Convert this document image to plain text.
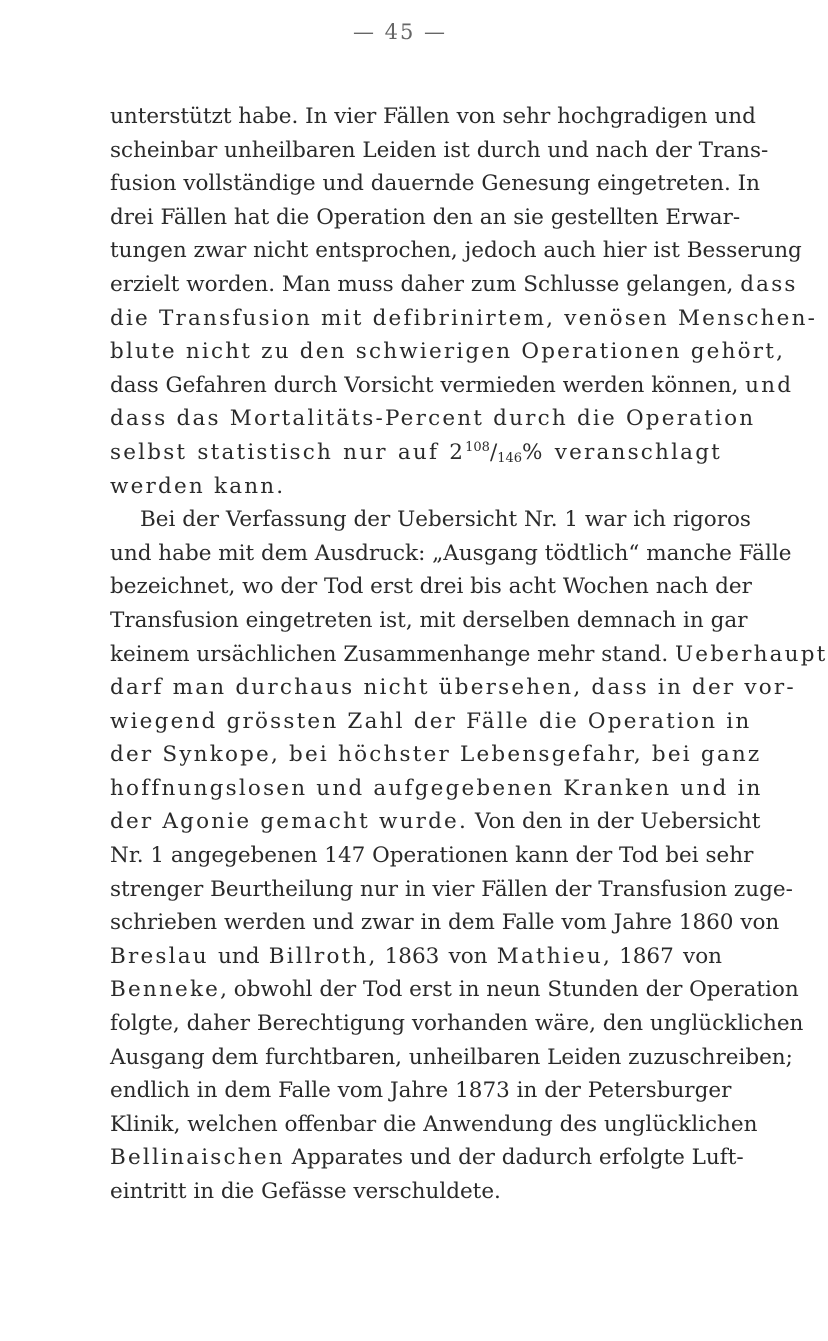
— 45 —
unterstützt habe. In vier Fällen von sehr hochgradigen und
scheinbar unheilbaren Leiden ist durch und nach der Trans-
fusion vollständige und dauernde Genesung eingetreten. In
drei Fällen hat die Operation den an sie gestellten Erwar-
tungen zwar nicht entsprochen, jedoch auch hier ist Besserung
erzielt worden. Man muss daher zum Schlusse gelangen, dass
die Transfusion mit defibrinirtem, venösen Menschen-
blute nicht zu den schwierigen Operationen gehört,
dass Gefahren durch Vorsicht vermieden werden können, und
dass das Mortalitäts-Percent durch die Operation
selbst statistisch nur auf $2^{108}/_{146}\%$ veranschlagt
werden kann.
Bei der Verfassung der Uebersicht Nr. 1 war ich rigoros
und habe mit dem Ausdruck: „Ausgang tödtlich“ manche Fälle
bezeichnet, wo der Tod erst drei bis acht Wochen nach der
Transfusion eingetreten ist, mit derselben demnach in gar
keinem ursächlichen Zusammenhange mehr stand. Ueberhaupt
darf man durchaus nicht übersehen, dass in der vor-
wiegend grössten Zahl der Fälle die Operation in
der Synkope, bei höchster Lebensgefahr, bei ganz
hoffnungslosen und aufgegebenen Kranken und in
der Agonie gemacht wurde. Von den in der Uebersicht
Nr. 1 angegebenen 147 Operationen kann der Tod bei sehr
strenger Beurtheilung nur in vier Fällen der Transfusion zuge-
schrieben werden und zwar in dem Falle vom Jahre 1860 von
Breslau und Billroth, 1863 von Mathieu, 1867 von
Benneke, obwohl der Tod erst in neun Stunden der Operation
folgte, daher Berechtigung vorhanden wäre, den unglücklichen
Ausgang dem furchtbaren, unheilbaren Leiden zuzuschreiben;
endlich in dem Falle vom Jahre 1873 in der Petersburger
Klinik, welchen offenbar die Anwendung des unglücklichen
Bellinaischen Apparates und der dadurch erfolgte Luft-
eintritt in die Gefässe verschuldete.
